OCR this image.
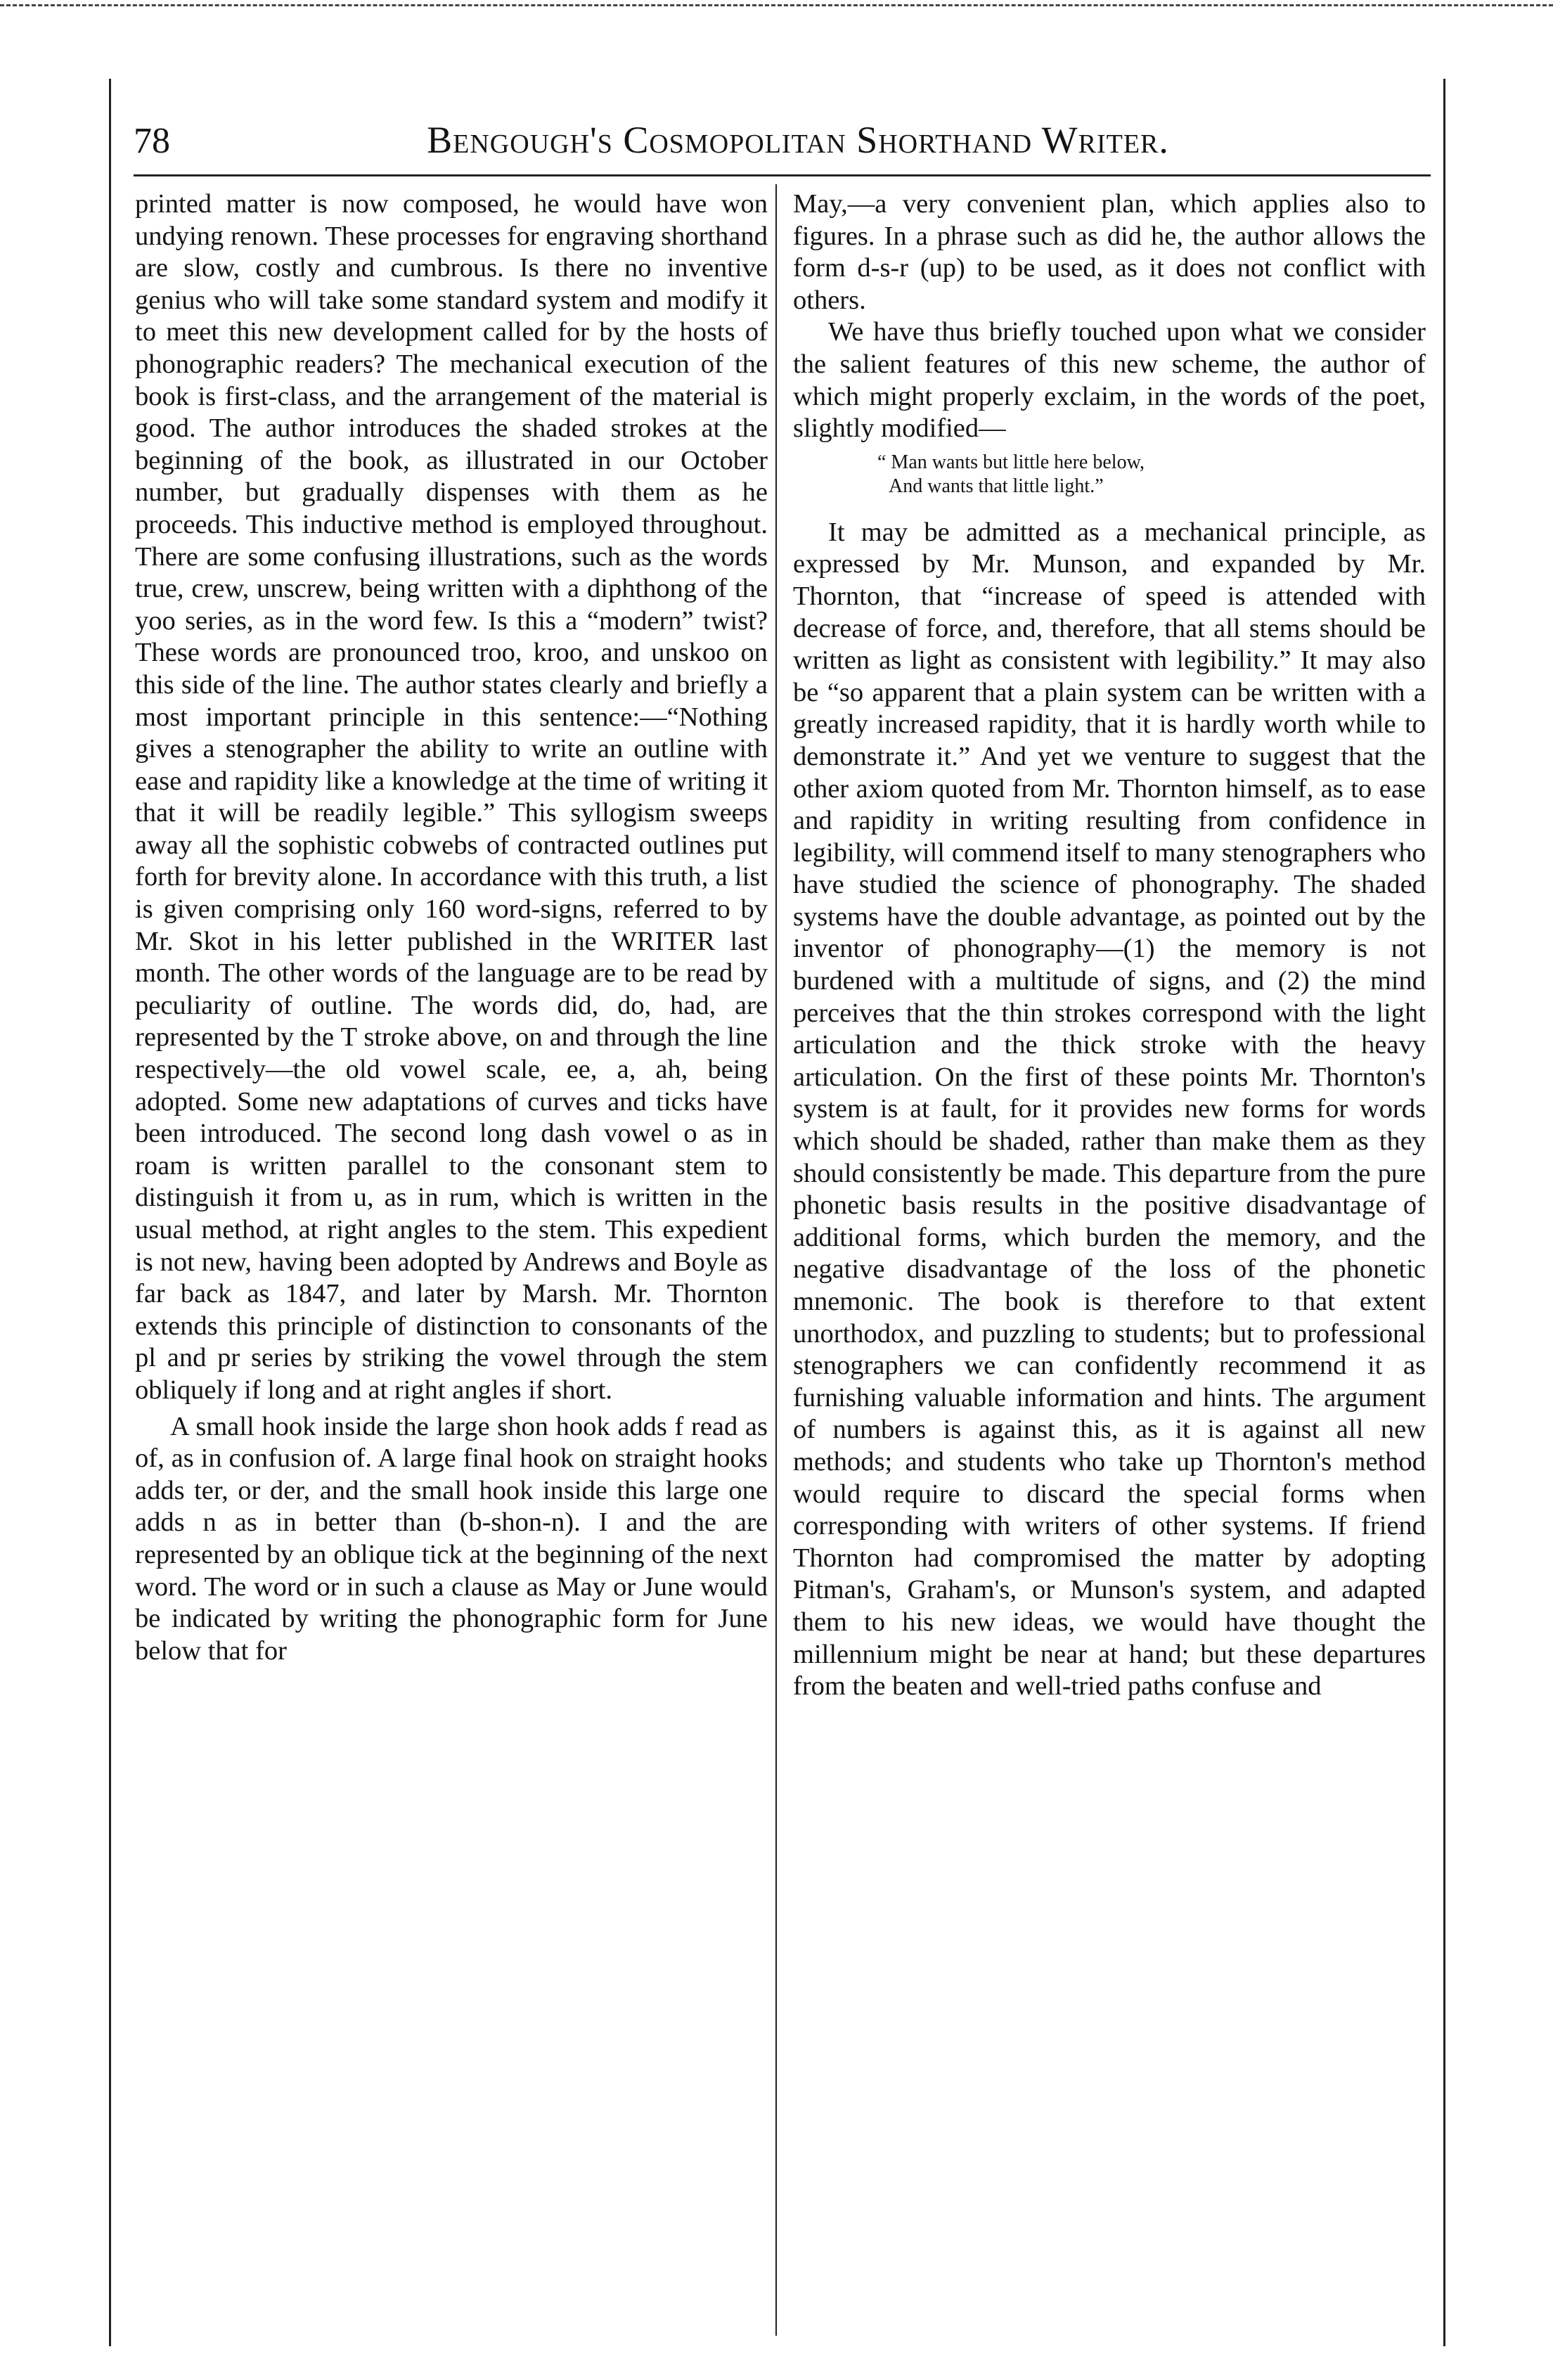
78	Bengough's Cosmopolitan Shorthand Writer.

printed matter is now composed, he would have won undying renown. These processes for engraving shorthand are slow, costly and cumbrous. Is there no inventive genius who will take some standard system and modify it to meet this new development called for by the hosts of phonographic readers? The mechanical execution of the book is first-class, and the arrangement of the material is good. The author introduces the shaded strokes at the beginning of the book, as illustrated in our October number, but gradually dispenses with them as he proceeds. This inductive method is employed throughout. There are some confusing illustrations, such as the words true, crew, unscrew, being written with a diphthong of the yoo series, as in the word few. Is this a “modern” twist? These words are pronounced troo, kroo, and unskoo on this side of the line. The author states clearly and briefly a most important principle in this sentence:—“Nothing gives a stenographer the ability to write an outline with ease and rapidity like a knowledge at the time of writing it that it will be readily legible.” This syllogism sweeps away all the sophistic cobwebs of contracted outlines put forth for brevity alone. In accordance with this truth, a list is given comprising only 160 word-signs, referred to by Mr. Skot in his letter published in the WRITER last month. The other words of the language are to be read by peculiarity of outline. The words did, do, had, are represented by the T stroke above, on and through the line respectively—the old vowel scale, ee, a, ah, being adopted. Some new adaptations of curves and ticks have been introduced. The second long dash vowel o as in roam is written parallel to the consonant stem to distinguish it from u, as in rum, which is written in the usual method, at right angles to the stem. This expedient is not new, having been adopted by Andrews and Boyle as far back as 1847, and later by Marsh. Mr. Thornton extends this principle of distinction to consonants of the pl and pr series by striking the vowel through the stem obliquely if long and at right angles if short.

A small hook inside the large shon hook adds f read as of, as in confusion of. A large final hook on straight hooks adds ter, or der, and the small hook inside this large one adds n as in better than (b-shon-n). I and the are represented by an oblique tick at the beginning of the next word. The word or in such a clause as May or June would be indicated by writing the phonographic form for June below that for

May,—a very convenient plan, which applies also to figures. In a phrase such as did he, the author allows the form d-s-r (up) to be used, as it does not conflict with others.

We have thus briefly touched upon what we consider the salient features of this new scheme, the author of which might properly exclaim, in the words of the poet, slightly modified—

“ Man wants but little here below,
And wants that little light.”

It may be admitted as a mechanical principle, as expressed by Mr. Munson, and expanded by Mr. Thornton, that “increase of speed is attended with decrease of force, and, therefore, that all stems should be written as light as consistent with legibility.” It may also be “so apparent that a plain system can be written with a greatly increased rapidity, that it is hardly worth while to demonstrate it.” And yet we venture to suggest that the other axiom quoted from Mr. Thornton himself, as to ease and rapidity in writing resulting from confidence in legibility, will commend itself to many stenographers who have studied the science of phonography. The shaded systems have the double advantage, as pointed out by the inventor of phonography—(1) the memory is not burdened with a multitude of signs, and (2) the mind perceives that the thin strokes correspond with the light articulation and the thick stroke with the heavy articulation. On the first of these points Mr. Thornton's system is at fault, for it provides new forms for words which should be shaded, rather than make them as they should consistently be made. This departure from the pure phonetic basis results in the positive disadvantage of additional forms, which burden the memory, and the negative disadvantage of the loss of the phonetic mnemonic. The book is therefore to that extent unorthodox, and puzzling to students; but to professional stenographers we can confidently recommend it as furnishing valuable information and hints. The argument of numbers is against this, as it is against all new methods; and students who take up Thornton's method would require to discard the special forms when corresponding with writers of other systems. If friend Thornton had compromised the matter by adopting Pitman's, Graham's, or Munson's system, and adapted them to his new ideas, we would have thought the millennium might be near at hand; but these departures from the beaten and well-tried paths confuse and
